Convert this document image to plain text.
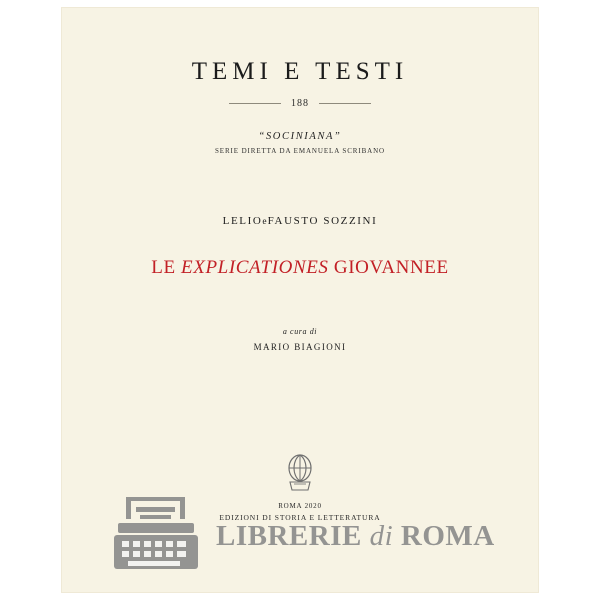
TEMI E TESTI
188
“SOCINIANA”
SERIE DIRETTA DA EMANUELA SCRIBANO
LELIOeFAUSTO SOZZINI
LE EXPLICATIONES GIOVANNEE
a cura di
MARIO BIAGIONI
ROMA 2020
EDIZIONI DI STORIA E LETTERATURA
LIBRERIE di ROMA
